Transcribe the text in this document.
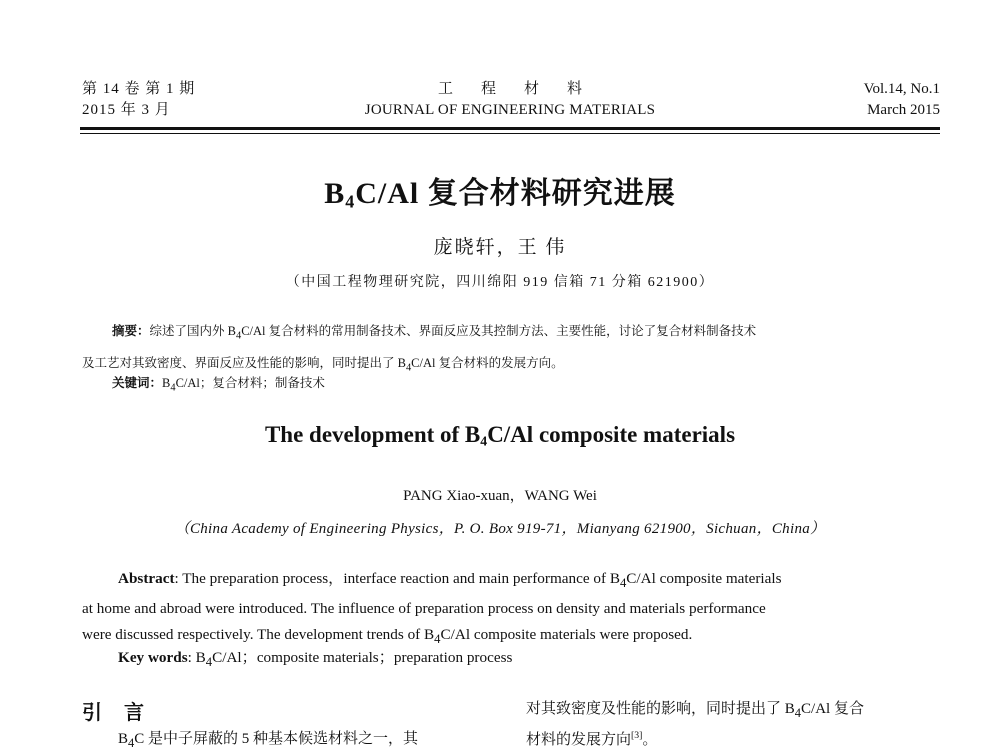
第 14 卷 第 1 期
2015 年 3 月
工程材料
JOURNAL OF ENGINEERING MATERIALS
Vol.14, No.1
March 2015
$B_4C/Al$ 复合材料研究进展
庞晓轩，王 伟
（中国工程物理研究院，四川绵阳 919 信箱 71 分箱 621900）
摘要：综述了国内外 $B_4C/Al$ 复合材料的常用制备技术、界面反应及其控制方法、主要性能，讨论了复合材料制备技术
及工艺对其致密度、界面反应及性能的影响，同时提出了 $B_4C/Al$ 复合材料的发展方向。
关键词：$B_4C/Al$；复合材料；制备技术
The development of $B_4C/Al$ composite materials
PANG Xiao-xuan，WANG Wei
（China Academy of Engineering Physics，P. O. Box 919-71，Mianyang 621900，Sichuan，China）
Abstract: The preparation process，interface reaction and main performance of $B_4C/Al$ composite materials
at home and abroad were introduced. The influence of preparation process on density and materials performance
were discussed respectively. The development trends of $B_4C/Al$ composite materials were proposed.
Key words: $B_4C/Al$；composite materials；preparation process
引言
$B_4C$ 是中子屏蔽的 5 种基本候选材料之一，其
对其致密度及性能的影响，同时提出了 $B_4C/Al$ 复合
材料的发展方向[3]。
